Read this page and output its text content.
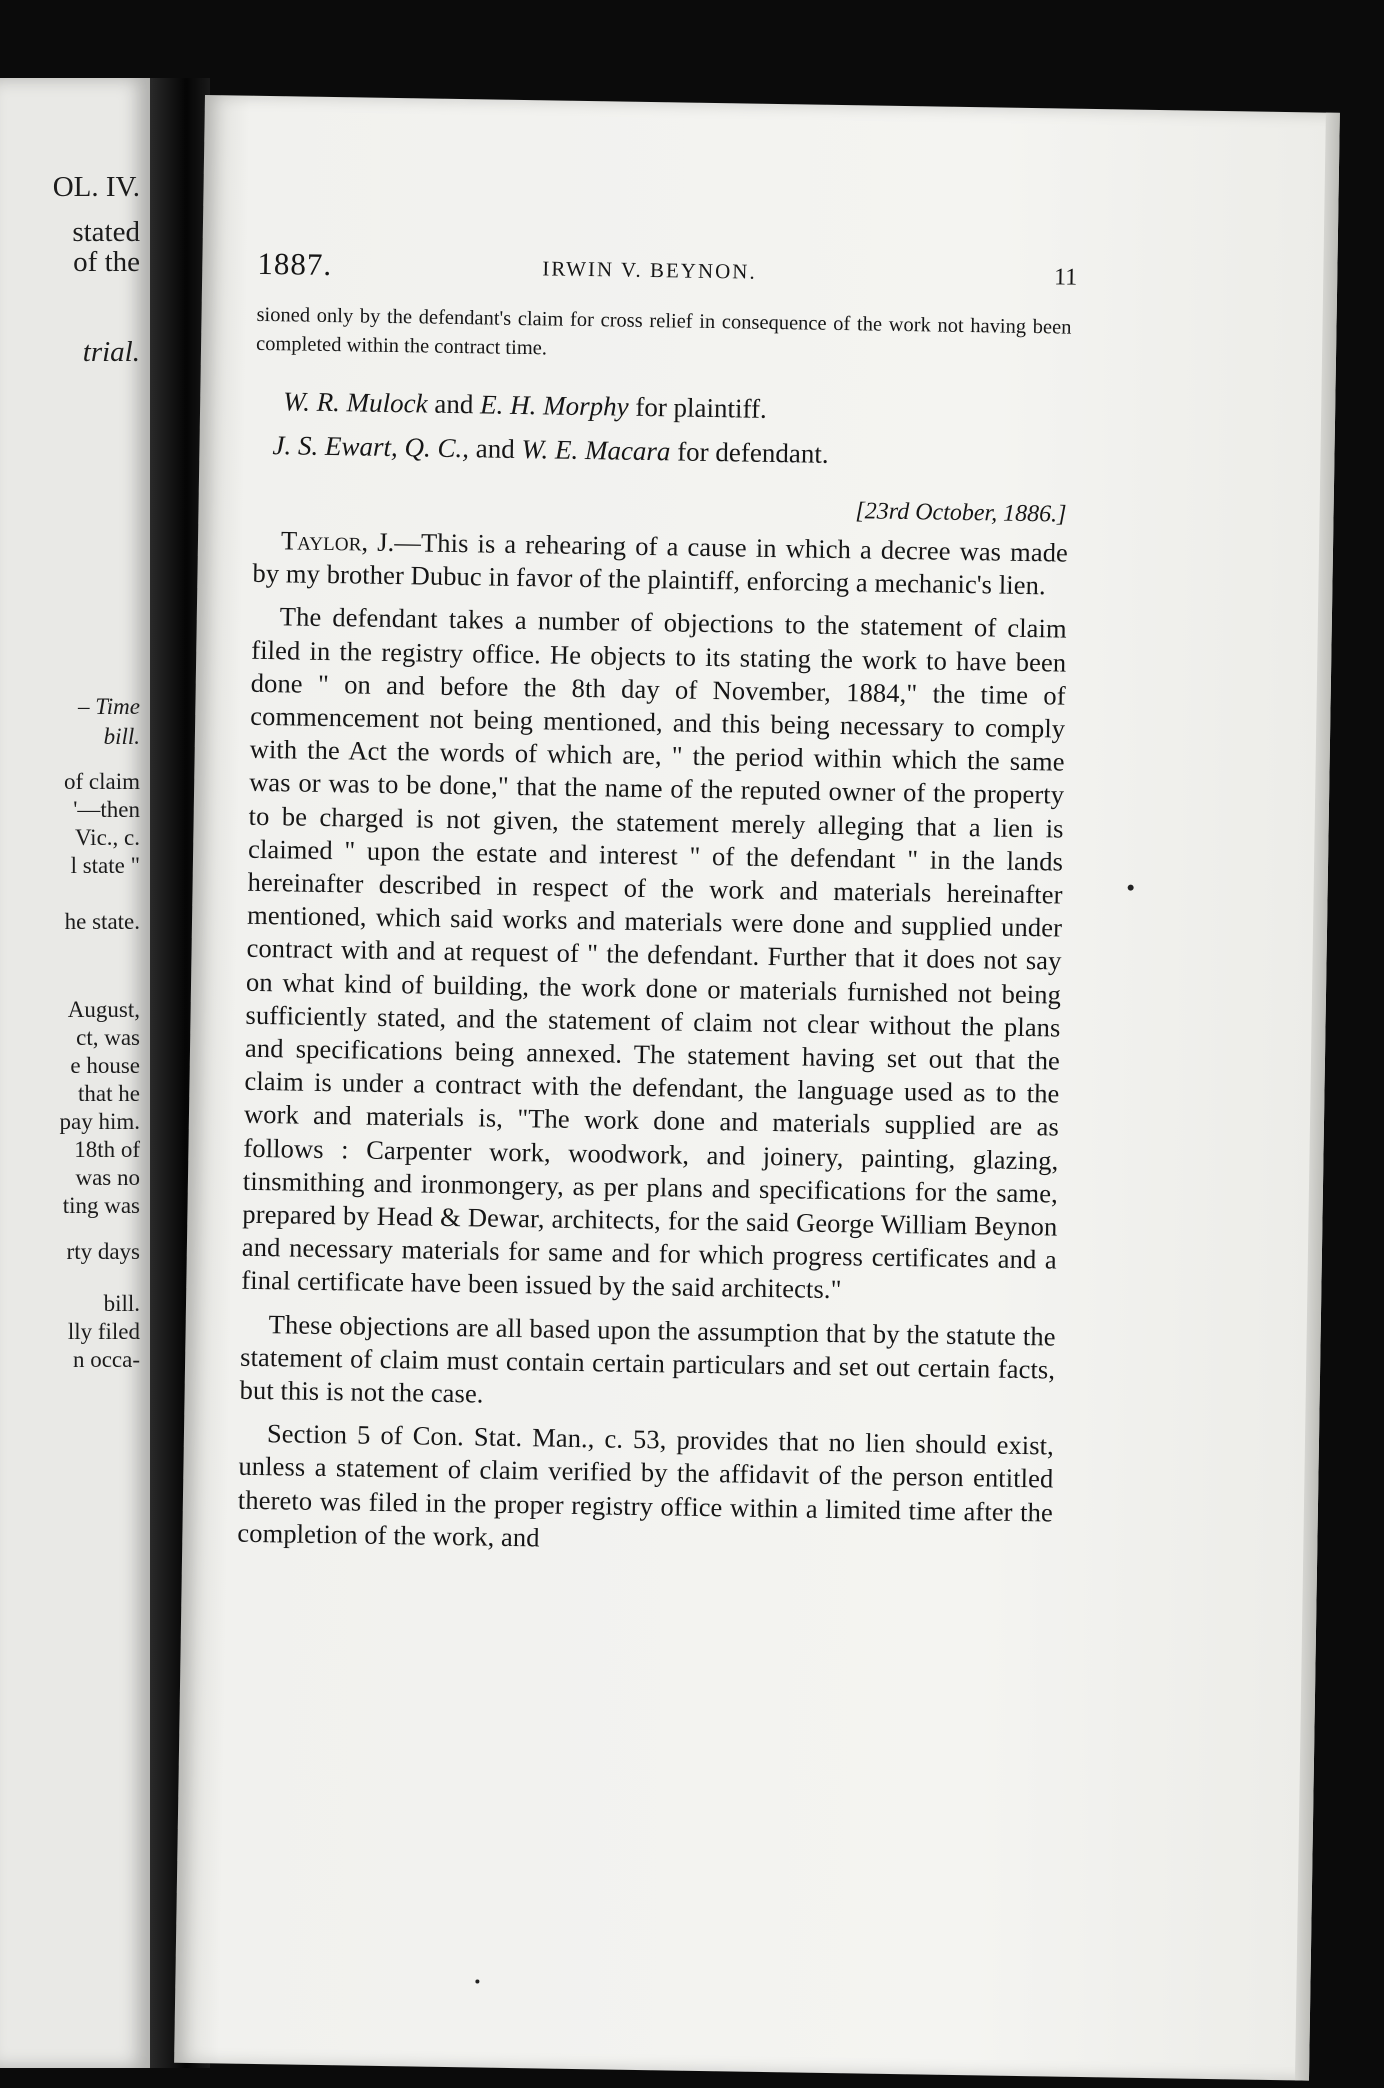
OL. IV.
stated
of the
trial.
– Time
bill.
of claim
'—then
Vic., c.
l state "
he state.
August,
ct, was
e house
that he
pay him.
18th of
was no
ting was
rty days
bill.
lly filed
n occa-
1887.	IRWIN V. BEYNON.	11

sioned only by the defendant's claim for cross relief in consequence of the work not having been completed within the contract time.

W. R. Mulock and E. H. Morphy for plaintiff.

J. S. Ewart, Q. C., and W. E. Macara for defendant.

[23rd October, 1886.]

Taylor, J.—This is a rehearing of a cause in which a decree was made by my brother Dubuc in favor of the plaintiff, enforcing a mechanic's lien.

The defendant takes a number of objections to the statement of claim filed in the registry office. He objects to its stating the work to have been done " on and before the 8th day of November, 1884," the time of commencement not being mentioned, and this being necessary to comply with the Act the words of which are, " the period within which the same was or was to be done," that the name of the reputed owner of the property to be charged is not given, the statement merely alleging that a lien is claimed " upon the estate and interest " of the defendant " in the lands hereinafter described in respect of the work and materials hereinafter mentioned, which said works and materials were done and supplied under contract with and at request of " the defendant. Further that it does not say on what kind of building, the work done or materials furnished not being sufficiently stated, and the statement of claim not clear without the plans and specifications being annexed. The statement having set out that the claim is under a contract with the defendant, the language used as to the work and materials is, "The work done and materials supplied are as follows : Carpenter work, woodwork, and joinery, painting, glazing, tinsmithing and ironmongery, as per plans and specifications for the same, prepared by Head & Dewar, architects, for the said George William Beynon and necessary materials for same and for which progress certificates and a final certificate have been issued by the said architects."

These objections are all based upon the assumption that by the statute the statement of claim must contain certain particulars and set out certain facts, but this is not the case.

Section 5 of Con. Stat. Man., c. 53, provides that no lien should exist, unless a statement of claim verified by the affidavit of the person entitled thereto was filed in the proper registry office within a limited time after the completion of the work, and
